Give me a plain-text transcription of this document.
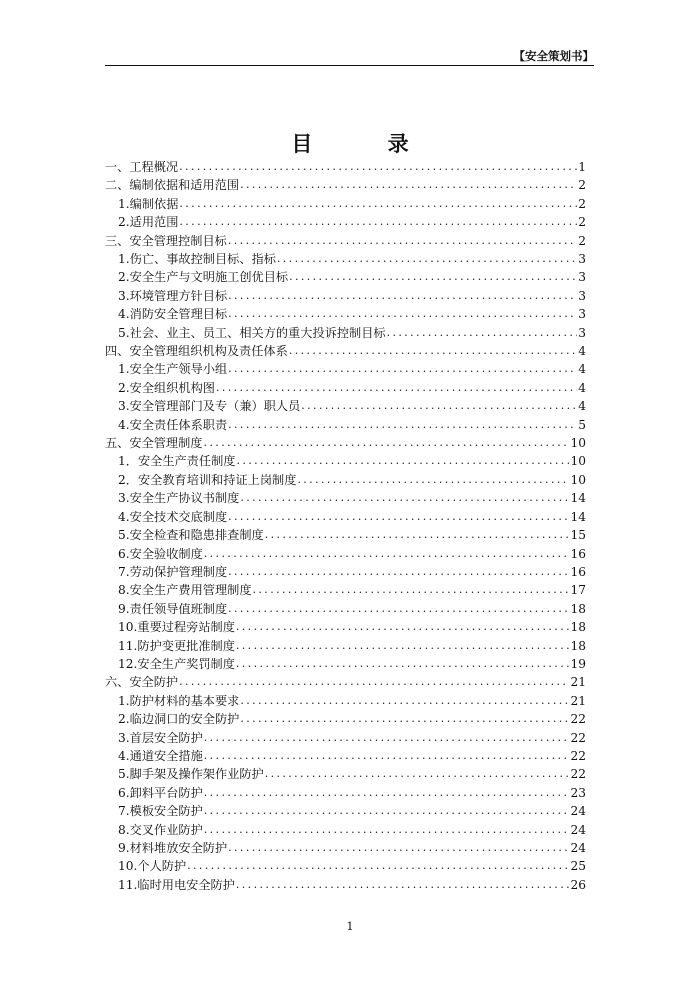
【安全策划书】
目 录
一、工程概况 .....	1
二、编制依据和适用范围 .....	2
1.编制依据 .....	2
2.适用范围 .....	2
三、安全管理控制目标 .....	2
1.伤亡、事故控制目标、指标 .....	3
2.安全生产与文明施工创优目标 .....	3
3.环境管理方针目标 .....	3
4.消防安全管理目标 .....	3
5.社会、业主、员工、相关方的重大投诉控制目标 .....	3
四、安全管理组织机构及责任体系 .....	4
1.安全生产领导小组 .....	4
2.安全组织机构图 .....	4
3.安全管理部门及专（兼）职人员 .....	4
4.安全责任体系职责 .....	5
五、安全管理制度 .....	10
1．安全生产责任制度 .....	10
2．安全教育培训和持证上岗制度 .....	10
3.安全生产协议书制度 .....	14
4.安全技术交底制度 .....	14
5.安全检查和隐患排查制度 .....	15
6.安全验收制度 .....	16
7.劳动保护管理制度 .....	16
8.安全生产费用管理制度 .....	17
9.责任领导值班制度 .....	18
10.重要过程旁站制度 .....	18
11.防护变更批准制度 .....	18
12.安全生产奖罚制度 .....	19
六、安全防护 .....	21
1.防护材料的基本要求 .....	21
2.临边洞口的安全防护 .....	22
3.首层安全防护 .....	22
4.通道安全措施 .....	22
5.脚手架及操作架作业防护 .....	22
6.卸料平台防护 .....	23
7.模板安全防护 .....	24
8.交叉作业防护 .....	24
9.材料堆放安全防护 .....	24
10.个人防护 .....	25
11.临时用电安全防护 .....	26
1
